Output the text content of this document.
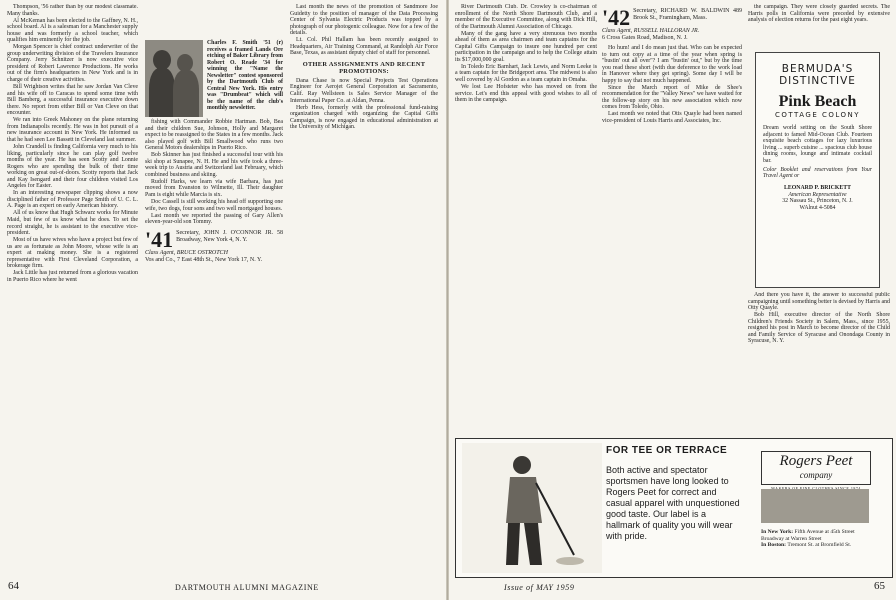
Thompson, '56 rather than by our modest classmate. Many thanks.

Al McKeman has been elected to the Gaffney, N. H., school board. Al is a salesman for a Manchester supply house and was formerly a school teacher, which qualifies him eminently for the job.

Morgan Spencer is chief contract underwriter of the group underwriting division of the Travelers Insurance Company. Jerry Schnitzer is now executive vice president of Robert Lawrence Productions. He works out of the firm's headquarters in New York and is in charge of their creative activities.

Bill Wrightson writes that he saw Jordan Van Cleve and his wife off to Caracas to spend some time with Bill Bamberg, a successful insurance executive down there. No report from either Bill or Van Cleve on that encounter.

We ran into Greek Mahoney on the plane returning from Indianapolis recently. He was in hot pursuit of a new insurance account in New York. He informed us that he had seen Lee Bassett in Cleveland last summer.

John Crandell is finding California very much to his liking, particularly since he can play golf twelve months of the year. He has seen Scotty and Lonnie Rogers who are spending the bulk of their time working on great out-of-doors. Scotty reports that Jack and Kay Isengard and their four children visited Los Angeles for Easter.

In an interesting newspaper clipping shows a now disciplined father of Professor Page Smith of U. C. L. A. Page is an expert on early American history.

All of us know that Hugh Schwarz works for Minute Maid, but few of us know what he does. To set the record straight, he is assistant to the executive vice-president.

Most of us have wives who have a project but few of us are as fortunate as John Moore, whose wife is an expert at making money. She is a registered representative with First Cleveland Corporation, a brokerage firm.

Jack Little has just returned from a glorious vacation in Puerto Rico where he went

Charles F. Smith '51 (r) receives a framed Lands Ore etching of Baker Library from Robert O. Reade '34 for winning the "Name the Newsletter" contest sponsored by the Dartmouth Club of Central New York. His entry was "Drumbeat" which will be the name of the club's monthly newsletter.

fishing with Commander Robbie Hartman. Bob, Bea and their children Sue, Johnson, Holly and Margaret expect to be reassigned to the States in a few months. Jack also played golf with Bill Smallwood who runs two General Motors dealerships in Puerto Rico.

Bob Skinner has just finished a successful tour with his ski shop at Sunapee, N. H. He and his wife took a three-week trip to Austria and Switzerland last February, which combined business and skiing.

Rudolf Harks, we learn via wife Barbara, has just moved from Evanston to Wilmette, Ill. Their daughter Pam is eight while Marcia is six.

Doc Cassell is still working his head off supporting one wife, two dogs, four sons and two well mortgaged houses.

Last month we reported the passing of Gary Allen's eleven-year-old son Tommy.

'41 Secretary, JOHN J. O'CONNOR JR. 58 Broadway, New York 4, N. Y.
Class Agent, BRUCE OSTROTCH
Vos and Co., 7 East 48th St., New York 17, N. Y.

Last month the news of the promotion of Sandmore Joe Guidetty to the position of manager of the Data Processing Center of Sylvania Electric Products was topped by a photograph of our photogenic colleague. Now for a few of the details.

Lt. Col. Phil Hallam has been recently assigned to Headquarters, Air Training Command, at Randolph Air Force Base, Texas, as assistant deputy chief of staff for personnel.

OTHER ASSIGNMENTS AND RECENT PROMOTIONS:

Dana Chase is now Special Projects Test Operations Engineer for Aerojet General Corporation at Sacramento, Calif. Ray Wellsteen is Sales Service Manager of the International Paper Co. at Aldan, Penna.

Herb Hess, formerly with the professional fund-raising organization charged with organizing the Capital Gifts Campaign, is now engaged in educational administration at the University of Michigan.

64	DARTMOUTH ALUMNI MAGAZINE

River Dartmouth Club. Dr. Crowley is co-chairman of enrollment of the North Shore Dartmouth Club, and a member of the Executive Committee, along with Dick Hill, of the Dartmouth Alumni Association of Chicago.

Many of the gang have a very strenuous two months ahead of them as area chairmen and team captains for the Capital Gifts Campaign to insure one hundred per cent participation in the campaign and to help the College attain its $17,000,000 goal.

In Toledo Eric Barnhart, Jack Lewis, and Norm Leeke is a team captain for the Bridgeport area. The midwest is also well covered by Al Gordon as a team captain in Omaha.

We lost Lee Hofsteter who has moved on from the service. Let's end this appeal with good wishes to all of them in the campaign.

'42 Secretary, RICHARD W. BALDWIN 489 Brook St., Framingham, Mass.
Class Agent, RUSSELL HALLORAN JR.
6 Cross Gates Road, Madison, N. J.

Ho hum! and I do mean just that. Who can be expected to turn out copy at a time of the year when spring is "bustin' out all over"? I am "bustin' out," but by the time you read these short (with due deference to the work load in Hanover where they get spring). Some day I will be happy to say that not much happened.

Since the March report of Mike de Shee's recommendation for the "Valley News" we have waited for the follow-up story on his new association which now comes from Toledo, Ohio.

Last month we noted that Otis Quayle had been named vice-president of Louis Harris and Associates, Inc.

the campaign. They were closely guarded secrets. The Harris polls in California were preceded by extensive analysis of election returns for the past eight years.

BERMUDA'S
DISTINCTIVE
Pink Beach
COTTAGE COLONY
Dream world setting on the South Shore adjacent to famed Mid-Ocean Club. Fourteen exquisite beach cottages for lazy luxurious living ... superb cuisine ... spacious club house dining rooms, lounge and intimate cocktail bar.
Color Booklet and reservations from Your Travel Agent or
LEONARD P. BRICKETT
American Representative
32 Nassau St., Princeton, N. J.
WAlnut 4-5084

And there you have it, the answer to successful public campaigning until something better is devised by Harris and Otty Quayle.

Bob Hill, executive director of the North Shore Children's Friends Society in Salem, Mass., since 1955, resigned his post in March to become director of the Child and Family Service of Syracuse and Onondaga County in Syracuse, N. Y.

FOR TEE OR TERRACE
Both active and spectator sportsmen have long looked to Rogers Peet for correct and casual apparel with unquestioned good taste. Our label is a hallmark of quality you will wear with pride.
Rogers Peet
company
In New York: Fifth Avenue at 45th Street
Broadway at Warren Street
In Boston: Tremont St. at Bromfield St.
Issue of MAY 1959	65
